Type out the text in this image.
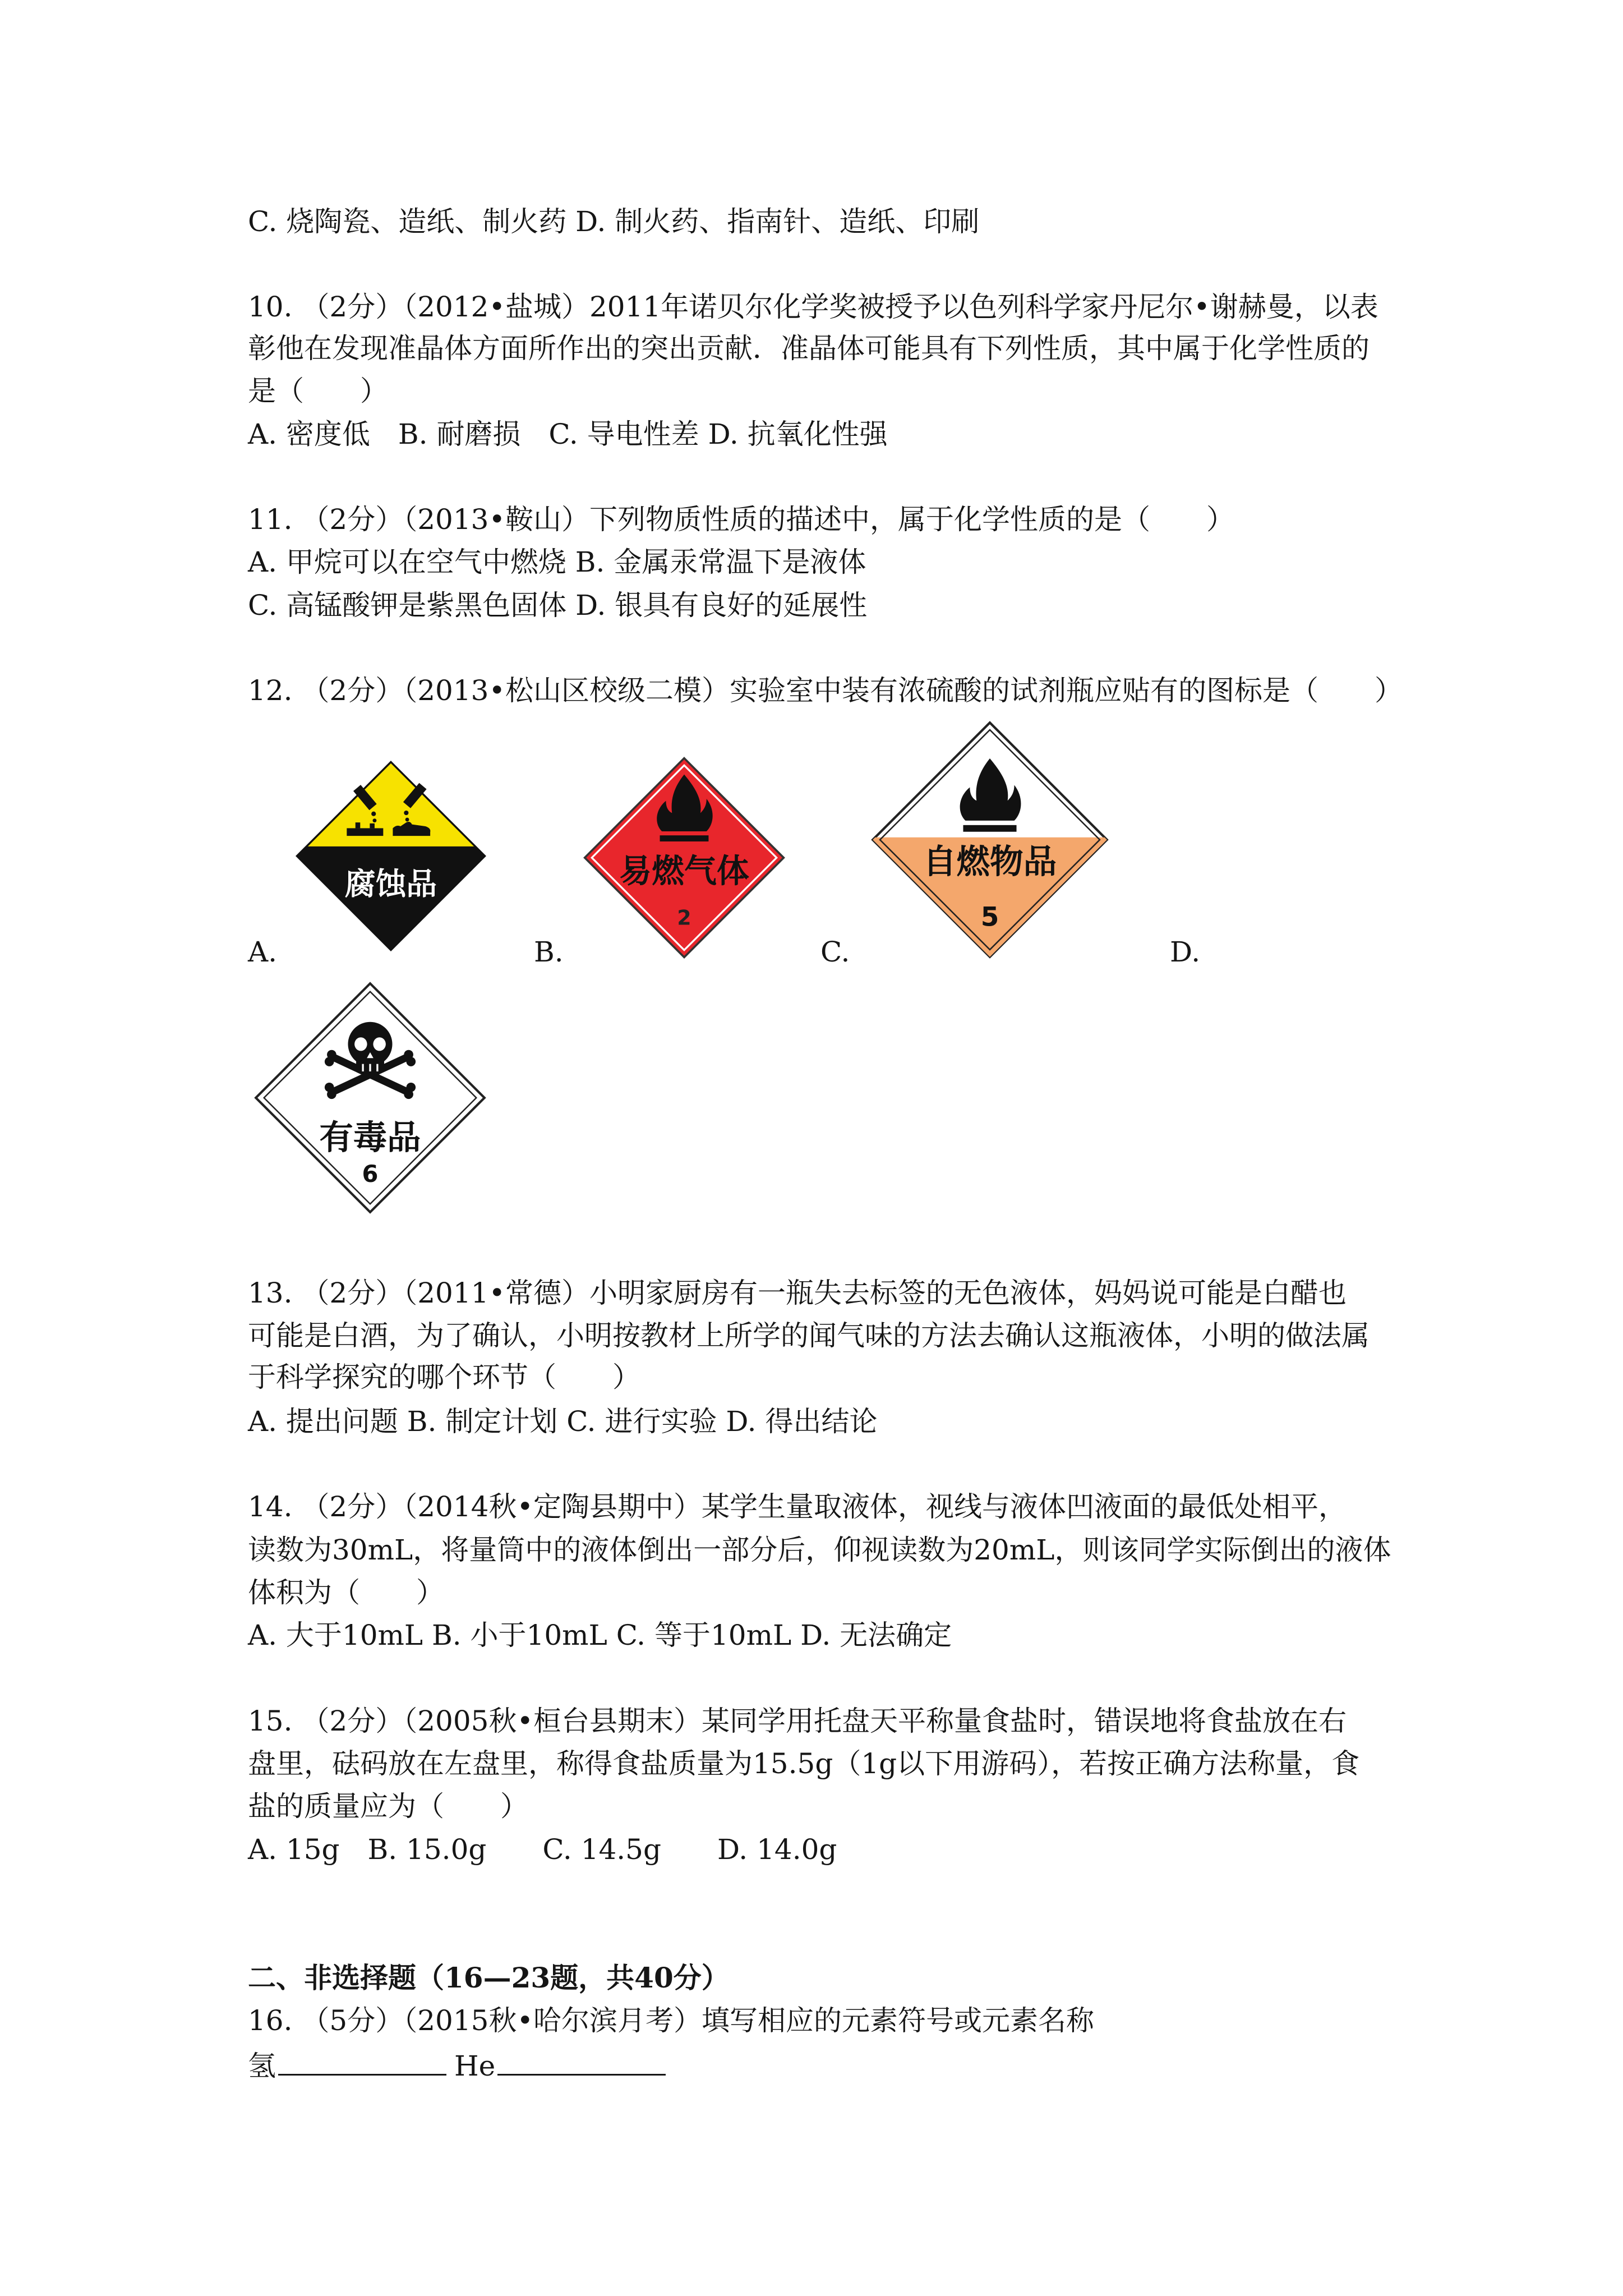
C. 烧陶瓷、造纸、制火药 D. 制火药、指南针、造纸、印刷
10. （2分）（2012•盐城）2011年诺贝尔化学奖被授予以色列科学家丹尼尔•谢赫曼，以表
彰他在发现准晶体方面所作出的突出贡献．准晶体可能具有下列性质，其中属于化学性质的
是（　　）
A. 密度低　B. 耐磨损　C. 导电性差 D. 抗氧化性强
11. （2分）（2013•鞍山）下列物质性质的描述中，属于化学性质的是（　　）
A. 甲烷可以在空气中燃烧 B. 金属汞常温下是液体
C. 高锰酸钾是紫黑色固体 D. 银具有良好的延展性
12. （2分）（2013•松山区校级二模）实验室中装有浓硫酸的试剂瓶应贴有的图标是（　　）
腐蚀品	易燃气体
2
自燃物品
5
A.	B.	C.	D.
有毒品
6
13. （2分）（2011•常德）小明家厨房有一瓶失去标签的无色液体，妈妈说可能是白醋也
可能是白酒，为了确认，小明按教材上所学的闻气味的方法去确认这瓶液体，小明的做法属
于科学探究的哪个环节（　　）
A. 提出问题 B. 制定计划 C. 进行实验 D. 得出结论
14. （2分）（2014秋•定陶县期中）某学生量取液体，视线与液体凹液面的最低处相平，
读数为30mL，将量筒中的液体倒出一部分后，仰视读数为20mL，则该同学实际倒出的液体
体积为（　　）
A. 大于10mL B. 小于10mL C. 等于10mL D. 无法确定
15. （2分）（2005秋•桓台县期末）某同学用托盘天平称量食盐时，错误地将食盐放在右
盘里，砝码放在左盘里，称得食盐质量为15.5g（1g以下用游码），若按正确方法称量，食
盐的质量应为（　　）
A. 15g　B. 15.0g　　C. 14.5g　　D. 14.0g
二、非选择题（16—23题，共40分）
16. （5分）（2015秋•哈尔滨月考）填写相应的元素符号或元素名称
氢	He
